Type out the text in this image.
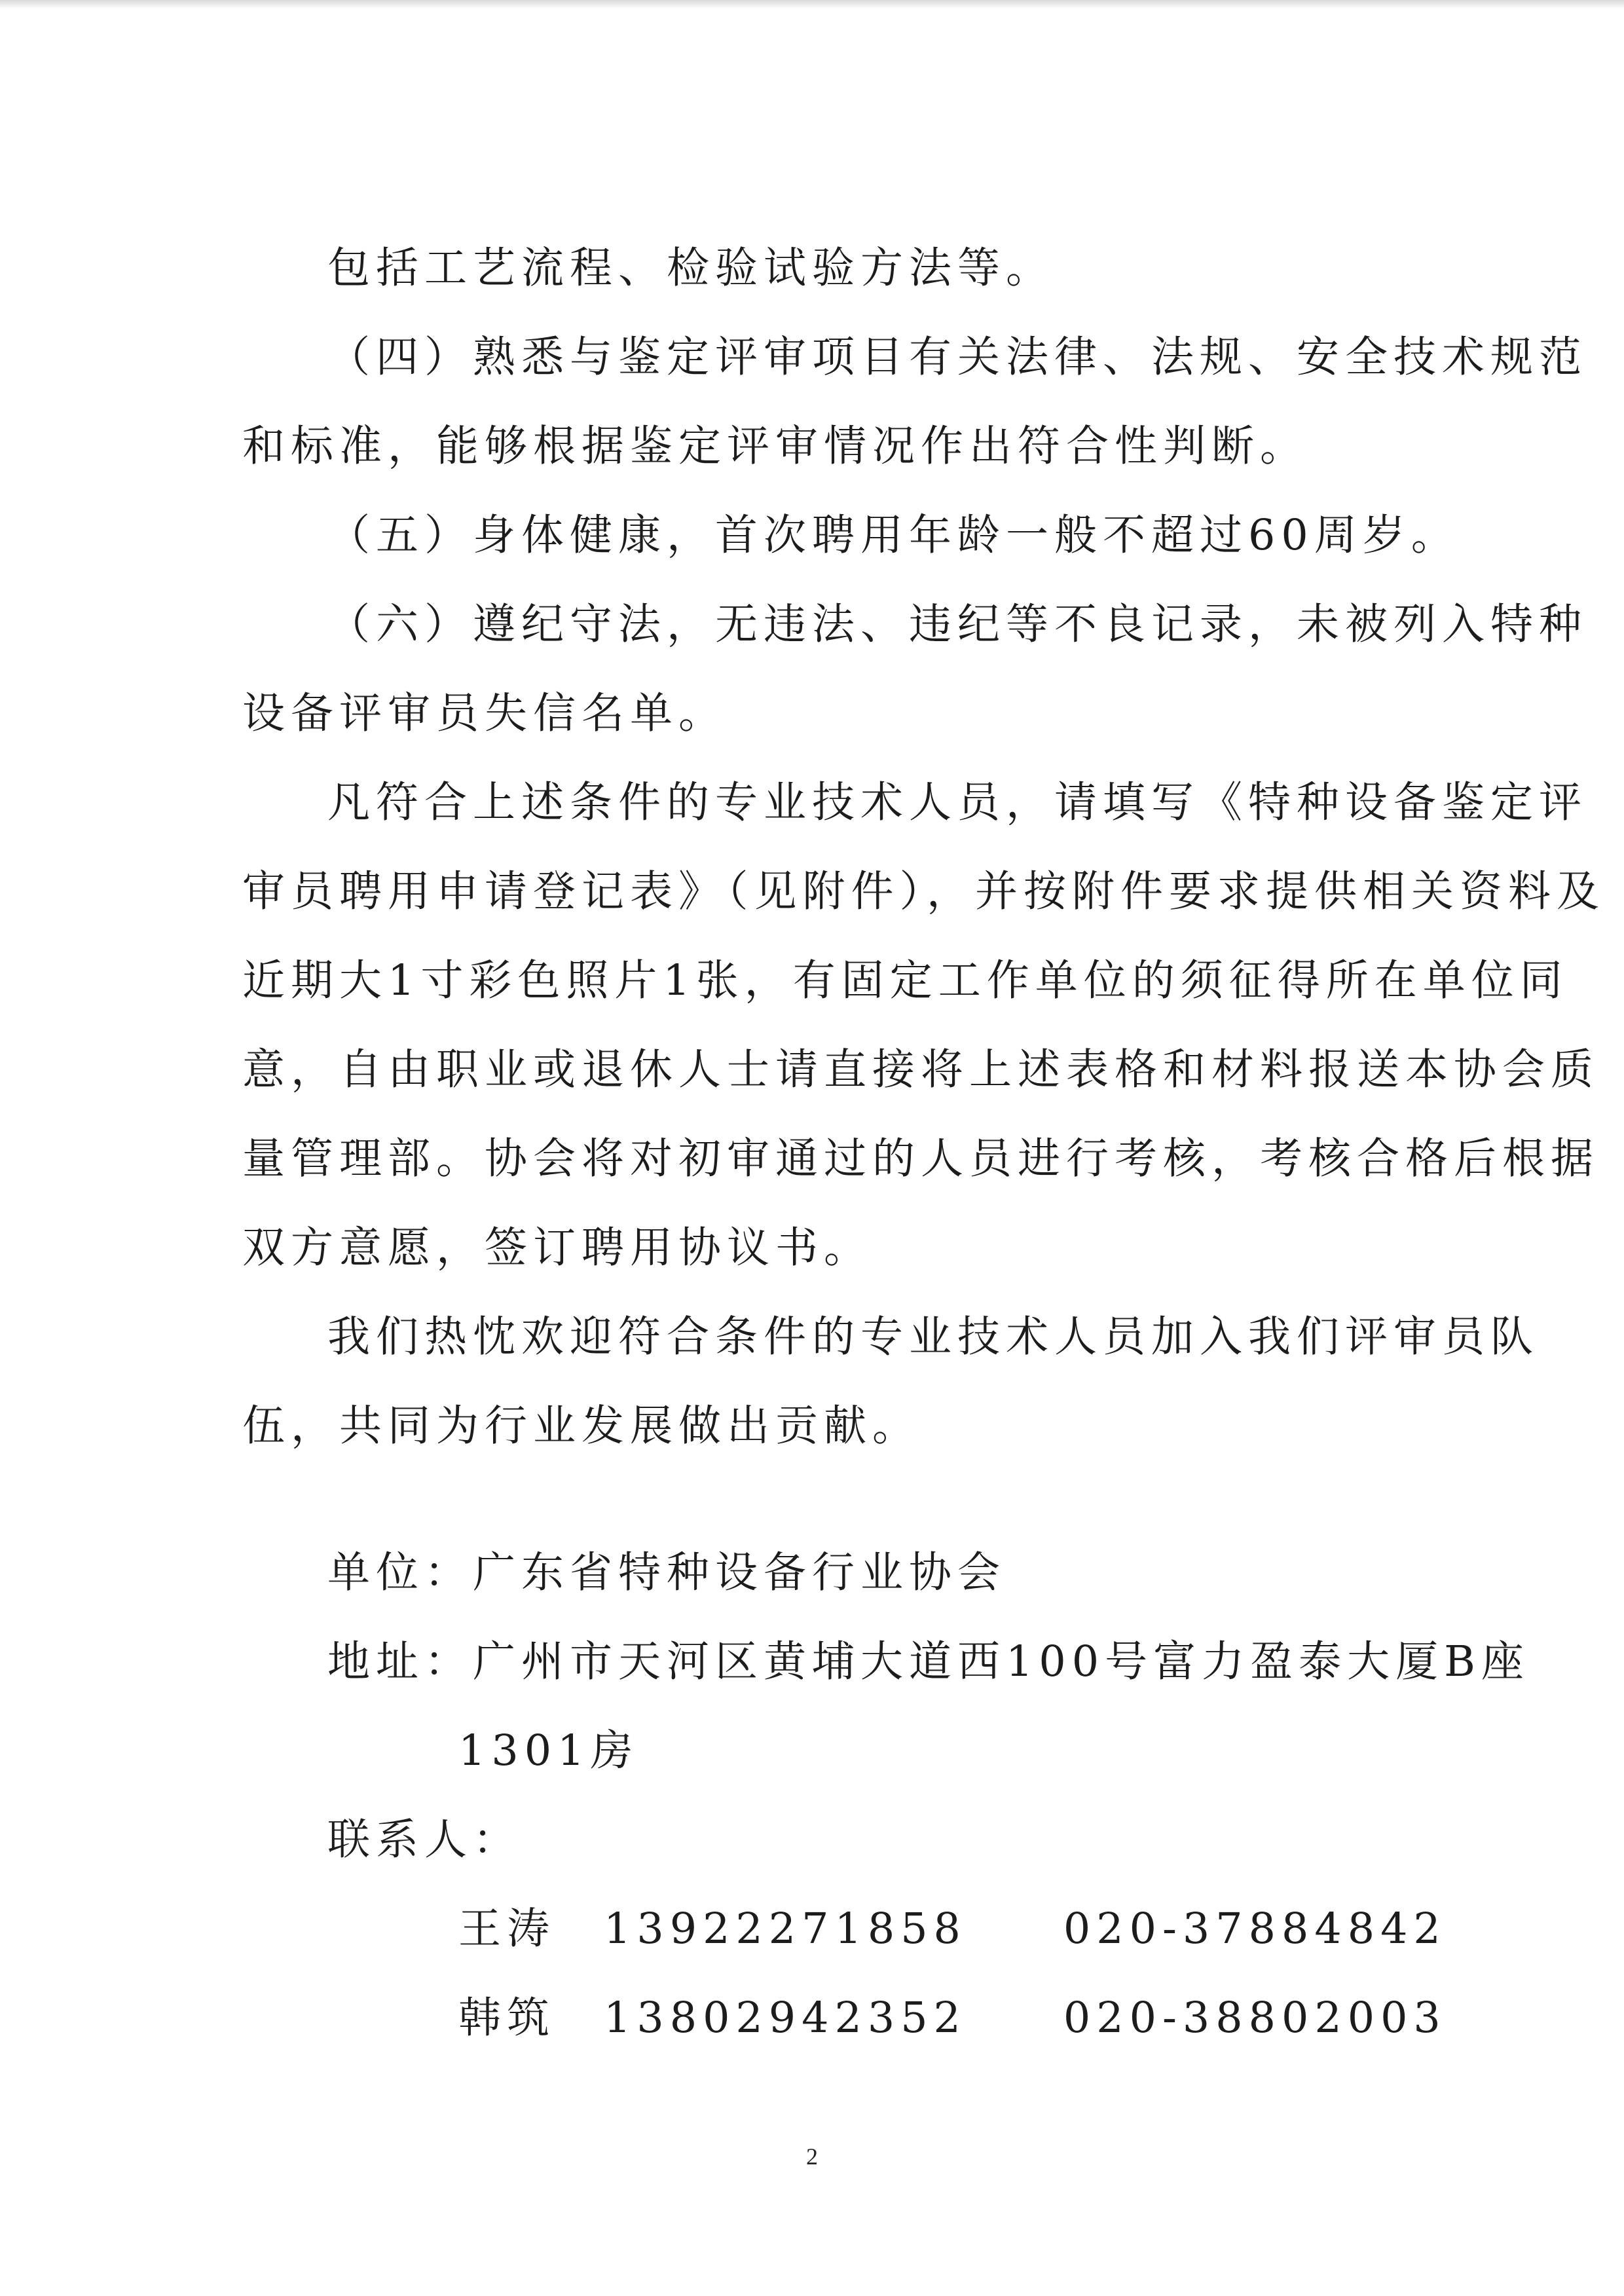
包括工艺流程、检验试验方法等。
（四）熟悉与鉴定评审项目有关法律、法规、安全技术规范
和标准，能够根据鉴定评审情况作出符合性判断。
（五）身体健康，首次聘用年龄一般不超过60周岁。
（六）遵纪守法，无违法、违纪等不良记录，未被列入特种
设备评审员失信名单。
凡符合上述条件的专业技术人员，请填写《特种设备鉴定评
审员聘用申请登记表》（见附件），并按附件要求提供相关资料及
近期大1寸彩色照片1张，有固定工作单位的须征得所在单位同
意，自由职业或退休人士请直接将上述表格和材料报送本协会质
量管理部。协会将对初审通过的人员进行考核，考核合格后根据
双方意愿，签订聘用协议书。
我们热忱欢迎符合条件的专业技术人员加入我们评审员队
伍，共同为行业发展做出贡献。
单位：广东省特种设备行业协会
地址：广州市天河区黄埔大道西100号富力盈泰大厦B座
1301房
联系人：
王涛　13922271858　　020-37884842
韩筑　13802942352　　020-38802003
2
